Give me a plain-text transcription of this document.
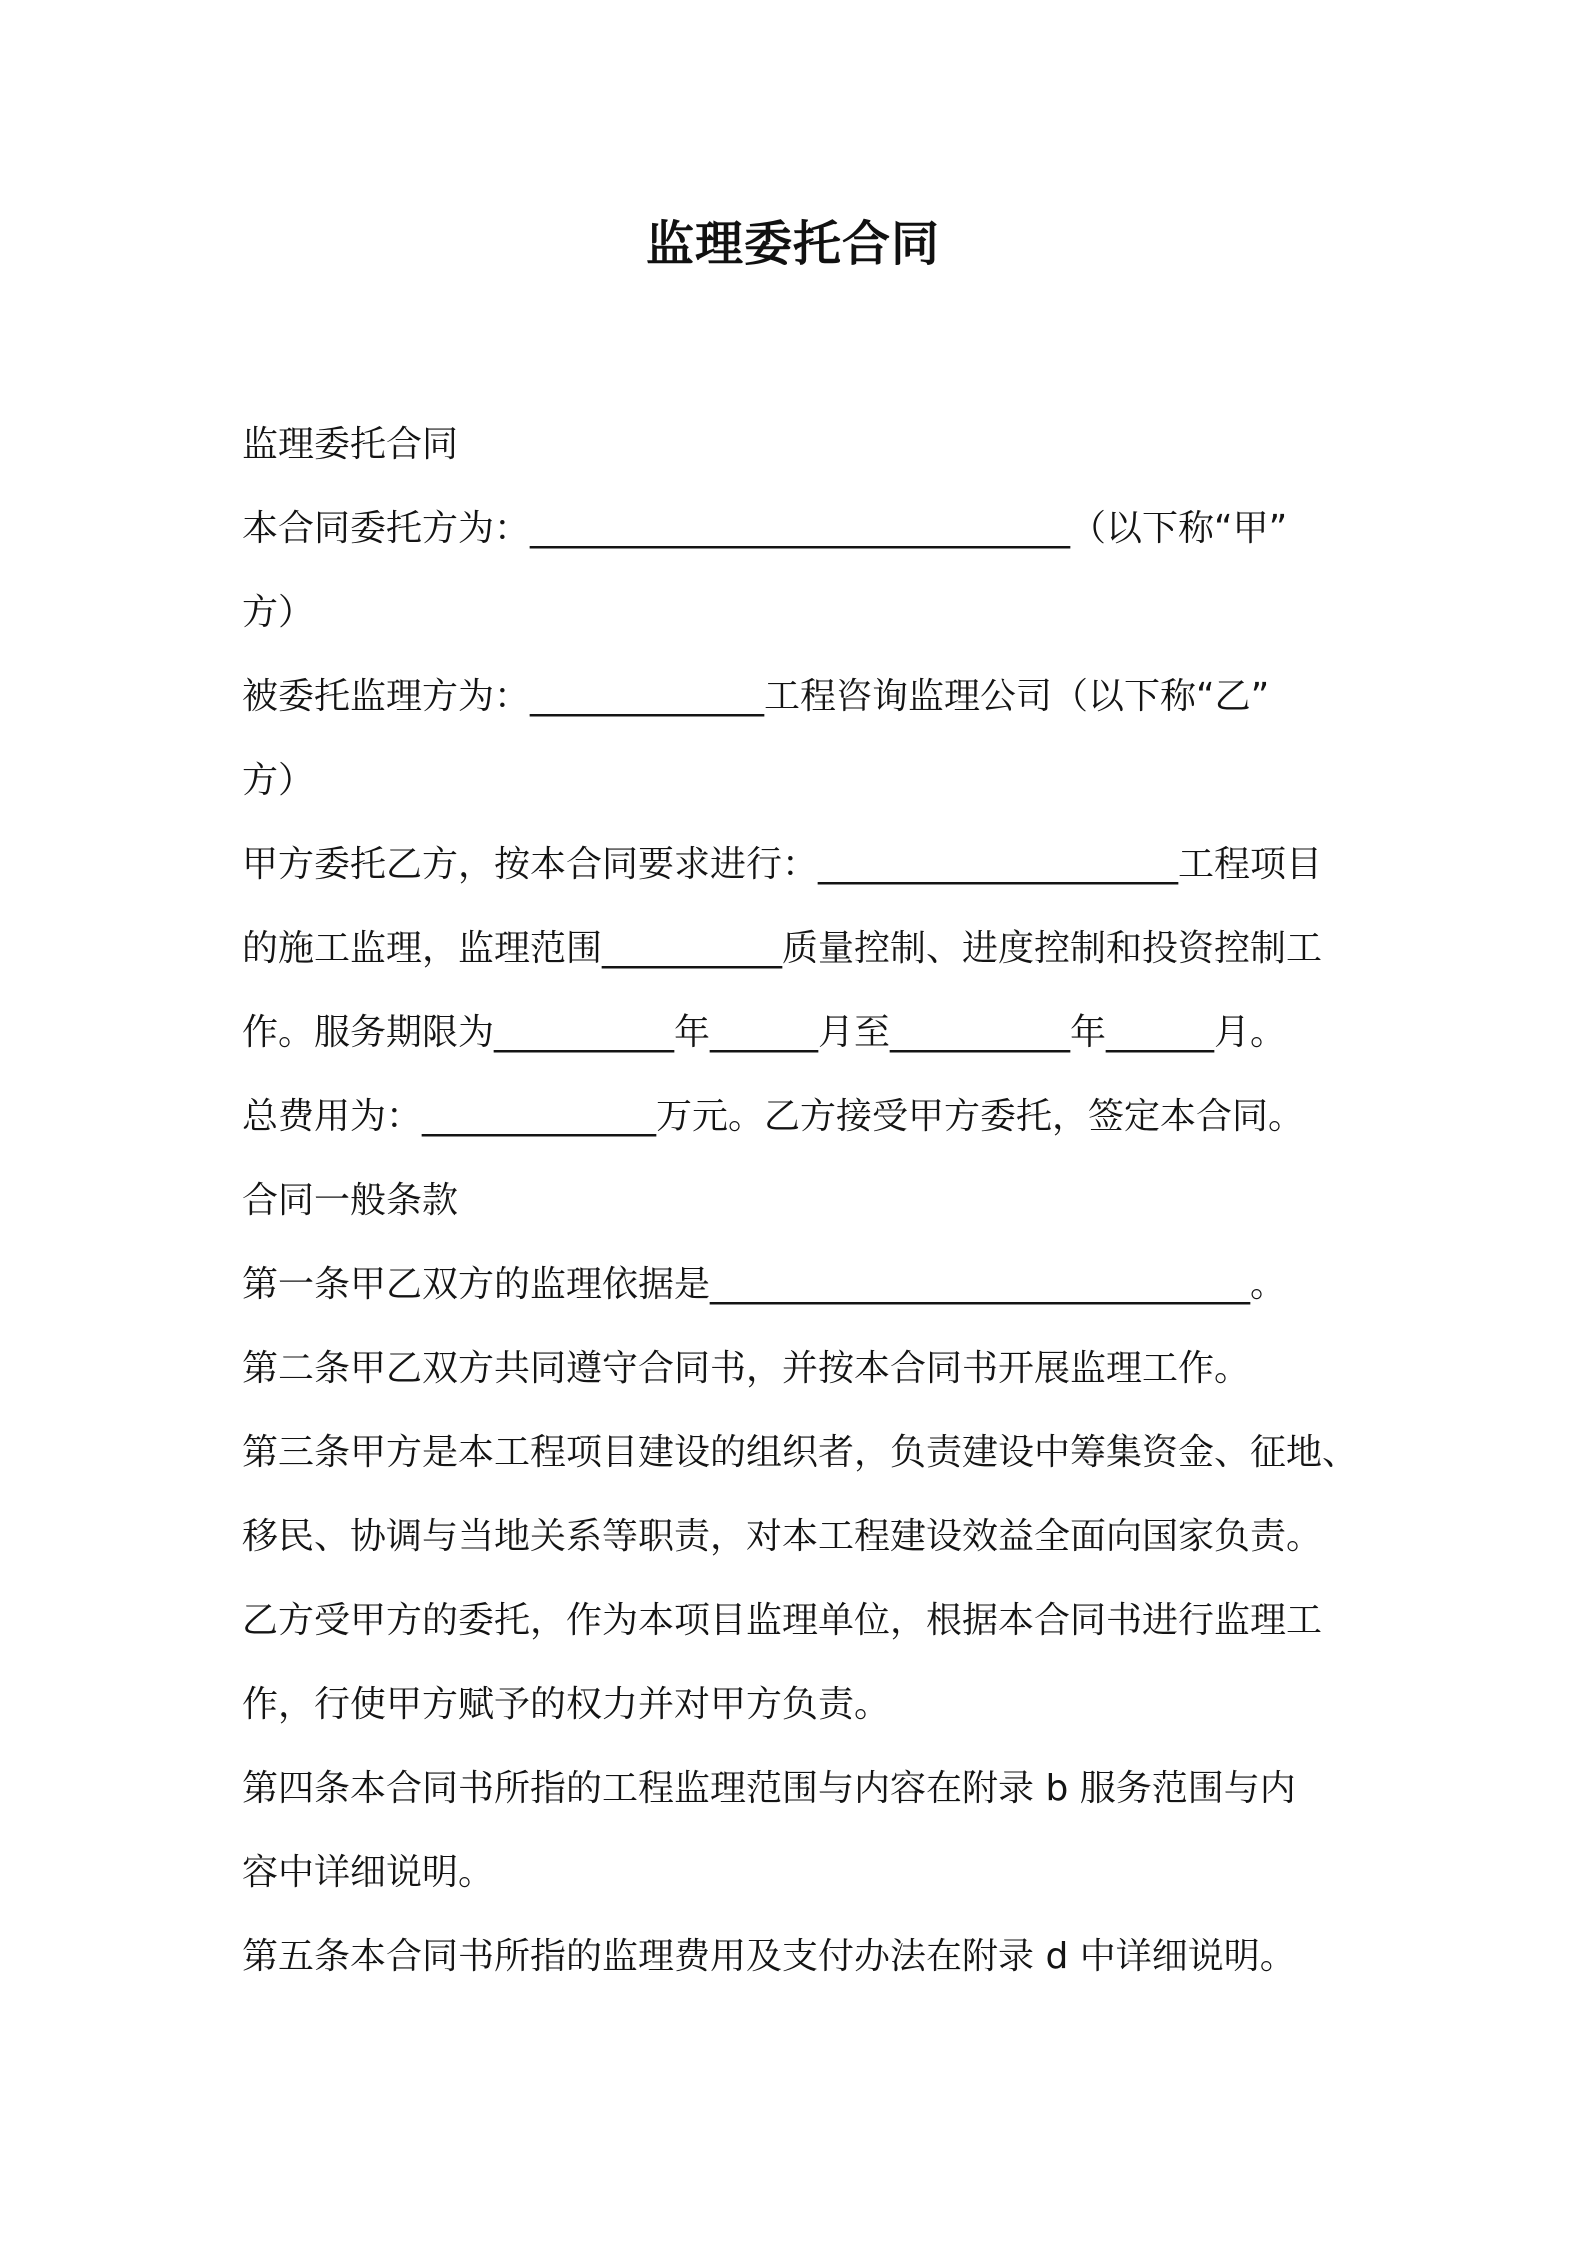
监理委托合同
监理委托合同
本合同委托方为：______________________________（以下称“甲”
方）
被委托监理方为：_____________工程咨询监理公司（以下称“乙”
方）
甲方委托乙方，按本合同要求进行：____________________工程项目
的施工监理，监理范围__________质量控制、进度控制和投资控制工
作。服务期限为__________年______月至__________年______月。
总费用为：_____________万元。乙方接受甲方委托，签定本合同。
合同一般条款
第一条甲乙双方的监理依据是______________________________。
第二条甲乙双方共同遵守合同书，并按本合同书开展监理工作。
第三条甲方是本工程项目建设的组织者，负责建设中筹集资金、征地、
移民、协调与当地关系等职责，对本工程建设效益全面向国家负责。
乙方受甲方的委托，作为本项目监理单位，根据本合同书进行监理工
作，行使甲方赋予的权力并对甲方负责。
第四条本合同书所指的工程监理范围与内容在附录 b 服务范围与内
容中详细说明。
第五条本合同书所指的监理费用及支付办法在附录 d 中详细说明。
